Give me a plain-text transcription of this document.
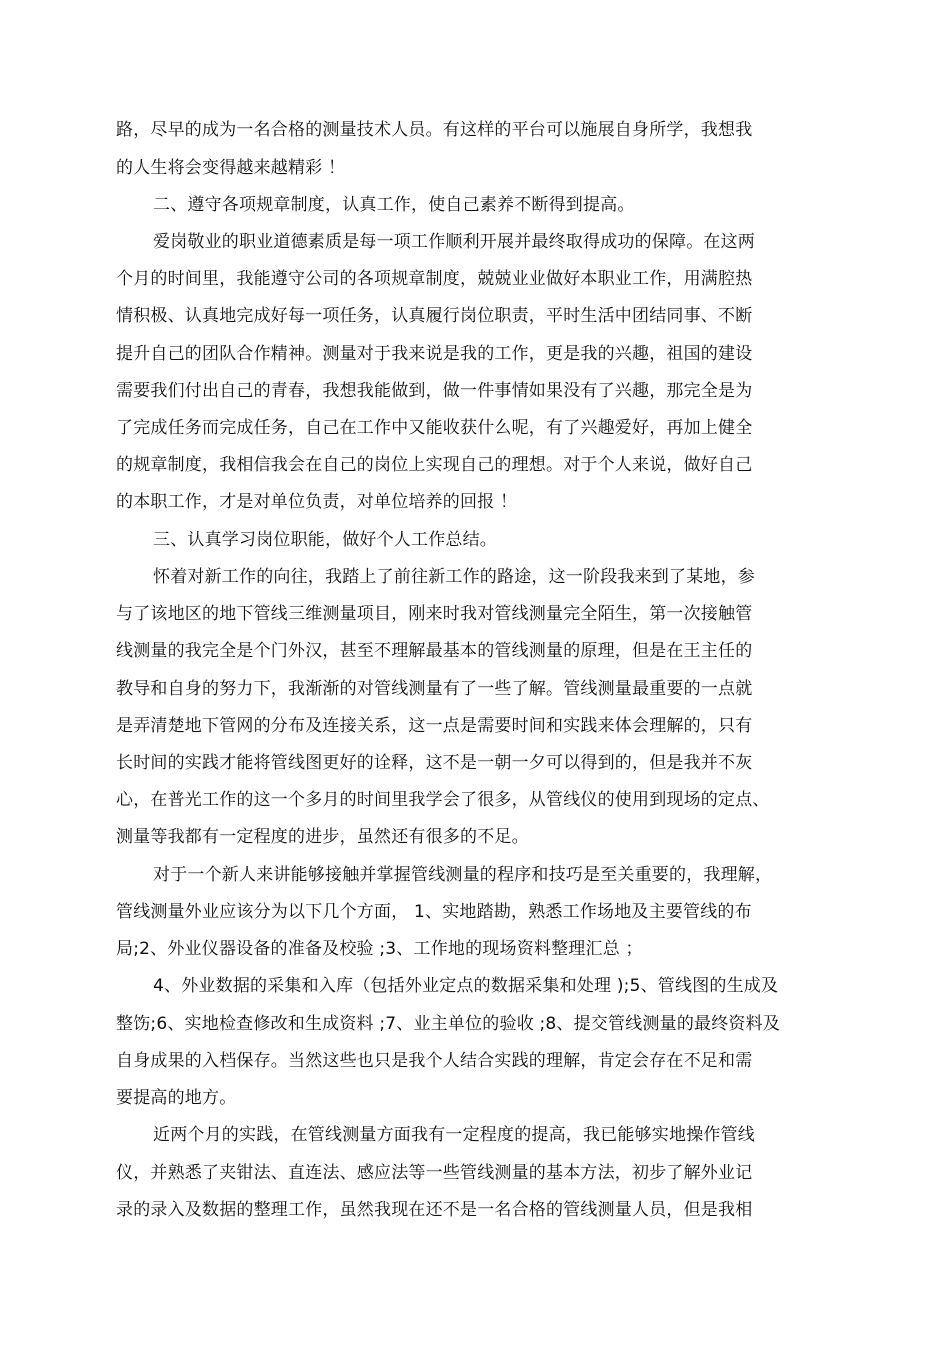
路，尽早的成为一名合格的测量技术人员。有这样的平台可以施展自身所学，我想我
的人生将会变得越来越精彩 ！
二、遵守各项规章制度，认真工作，使自己素养不断得到提高。
爱岗敬业的职业道德素质是每一项工作顺利开展并最终取得成功的保障。在这两
个月的时间里，我能遵守公司的各项规章制度，兢兢业业做好本职业工作，用满腔热
情积极、认真地完成好每一项任务，认真履行岗位职责，平时生活中团结同事、不断
提升自己的团队合作精神。测量对于我来说是我的工作，更是我的兴趣，祖国的建设
需要我们付出自己的青春，我想我能做到，做一件事情如果没有了兴趣，那完全是为
了完成任务而完成任务，自己在工作中又能收获什么呢，有了兴趣爱好，再加上健全
的规章制度，我相信我会在自己的岗位上实现自己的理想。对于个人来说，做好自己
的本职工作，才是对单位负责，对单位培养的回报 ！
三、认真学习岗位职能，做好个人工作总结。
怀着对新工作的向往，我踏上了前往新工作的路途，这一阶段我来到了某地，参
与了该地区的地下管线三维测量项目，刚来时我对管线测量完全陌生，第一次接触管
线测量的我完全是个门外汉，甚至不理解最基本的管线测量的原理，但是在王主任的
教导和自身的努力下，我渐渐的对管线测量有了一些了解。管线测量最重要的一点就
是弄清楚地下管网的分布及连接关系，这一点是需要时间和实践来体会理解的，只有
长时间的实践才能将管线图更好的诠释，这不是一朝一夕可以得到的，但是我并不灰
心，在普光工作的这一个多月的时间里我学会了很多，从管线仪的使用到现场的定点、
测量等我都有一定程度的进步，虽然还有很多的不足。
对于一个新人来讲能够接触并掌握管线测量的程序和技巧是至关重要的，我理解，
管线测量外业应该分为以下几个方面， 1、实地踏勘，熟悉工作场地及主要管线的布
局;2、外业仪器设备的准备及校验 ;3、工作地的现场资料整理汇总 ；
4、外业数据的采集和入库（包括外业定点的数据采集和处理 );5、管线图的生成及
整饬;6、实地检查修改和生成资料 ;7、业主单位的验收 ;8、提交管线测量的最终资料及
自身成果的入档保存。当然这些也只是我个人结合实践的理解，肯定会存在不足和需
要提高的地方。
近两个月的实践，在管线测量方面我有一定程度的提高，我已能够实地操作管线
仪，并熟悉了夹钳法、直连法、感应法等一些管线测量的基本方法，初步了解外业记
录的录入及数据的整理工作，虽然我现在还不是一名合格的管线测量人员，但是我相
